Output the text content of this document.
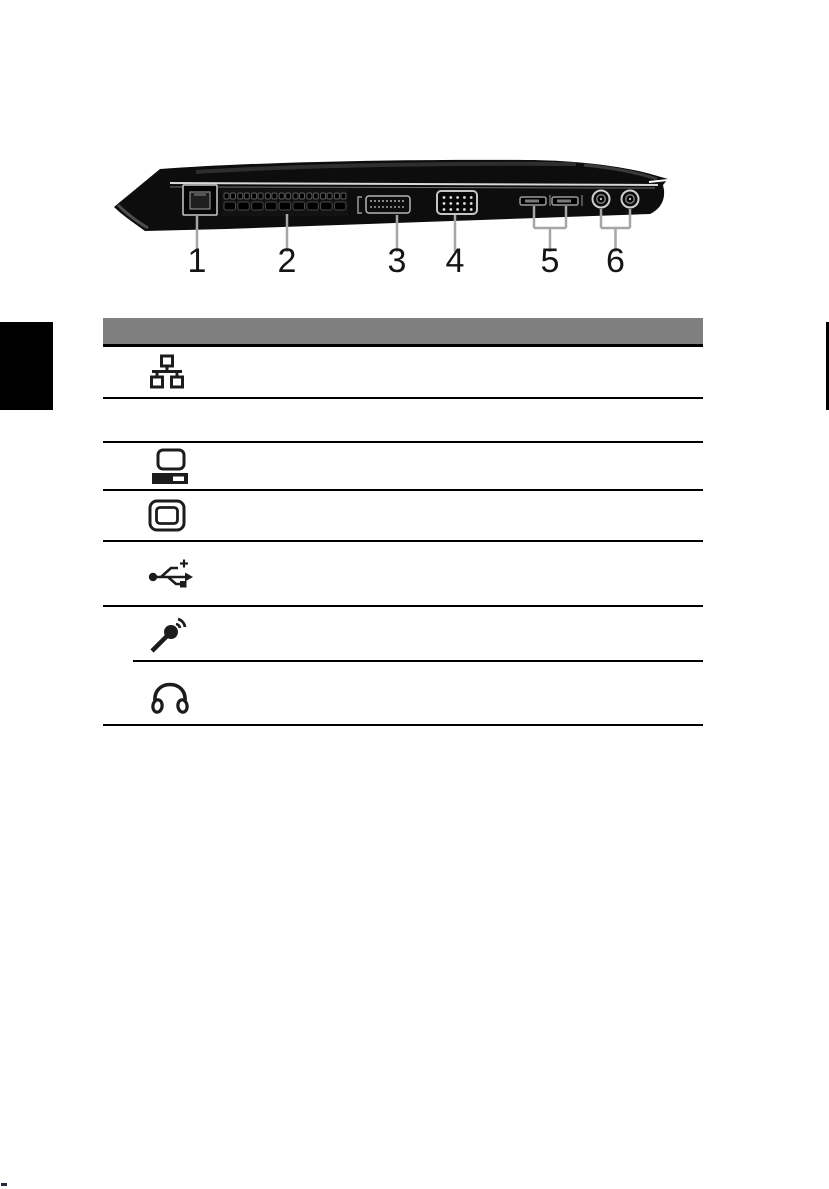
1 2	3 4 5 6
